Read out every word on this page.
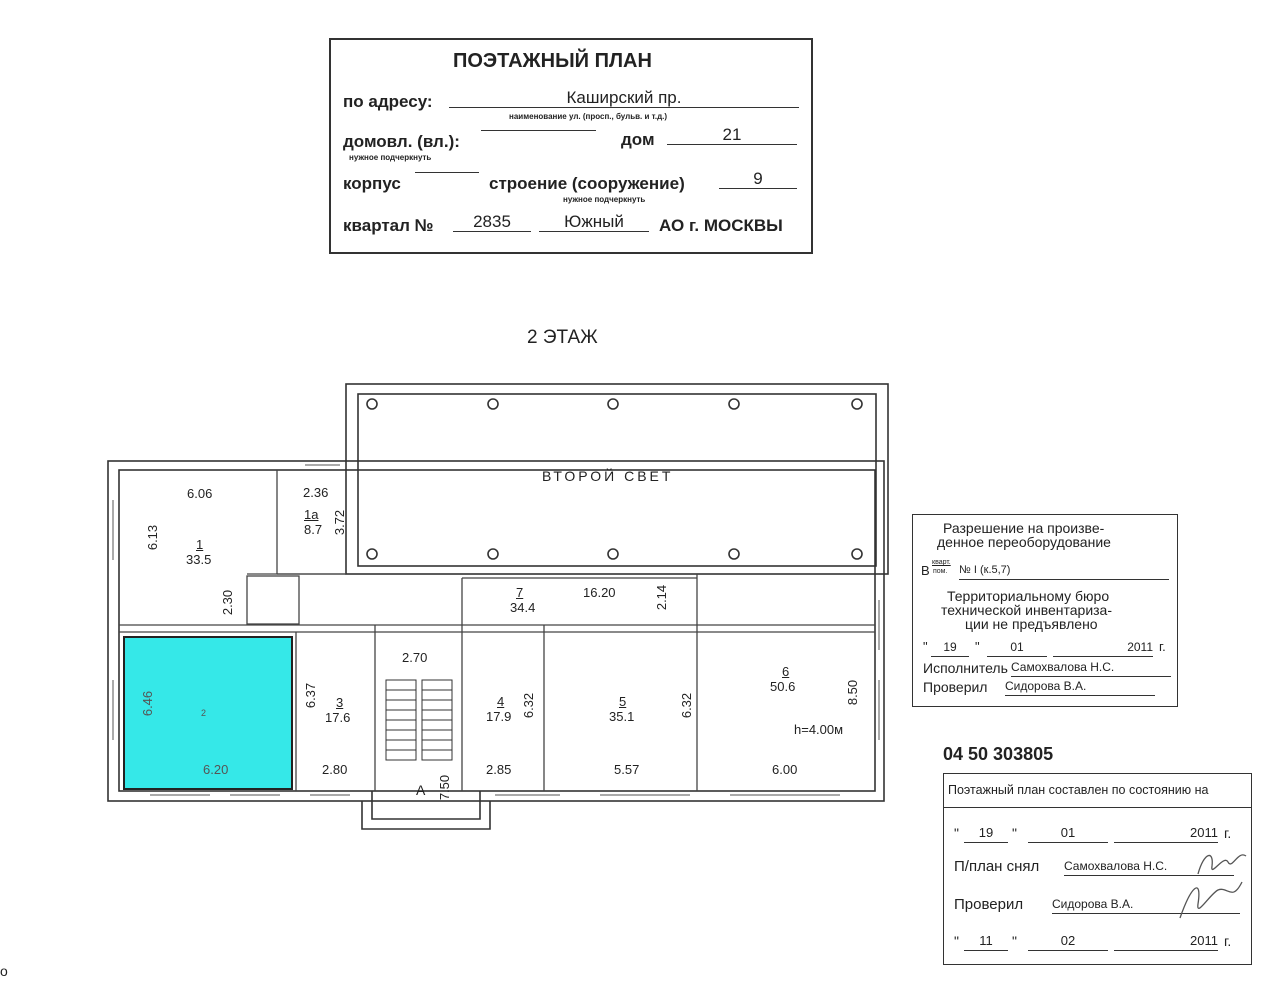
ПОЭТАЖНЫЙ ПЛАН
по адресу:	Каширский пр.
наименование ул. (просп., бульв. и т.д.)
домовл. (вл.):
нужное подчеркнуть
дом	21
корпус	строение (сооружение)	9
нужное подчеркнуть
квартал №	2835	Южный	АО г. МОСКВЫ
2 ЭТАЖ
ВТОРОЙ СВЕТ
6.06
6.13	1
33.5
2.36
1а
8.7 3.72
2.30	7
34.4
16.20	2.14
2.70
6.46	2
6.20
6.37 3
17.6
2.80
4
17.9 6.32
2.85
5
35.1	6.32
5.57
6
50.6	8.50
h=4.00м
6.00
А 7.50
Разрешение на произве-
денное переоборудование
В
кварт.
пом. № I (к.5,7)
Территориальному бюро
технической инвентариза-
ции не предъявлено
"	19	"	01	2011 г.
Исполнитель Самохвалова Н.С.
Проверил Сидорова В.А.
04 50 303805
Поэтажный план составлен по состоянию на
"	19	"	01	2011 г.
П/план снял Самохвалова Н.С.
Проверил Сидорова В.А.
"	11	"	02	2011 г.
о
